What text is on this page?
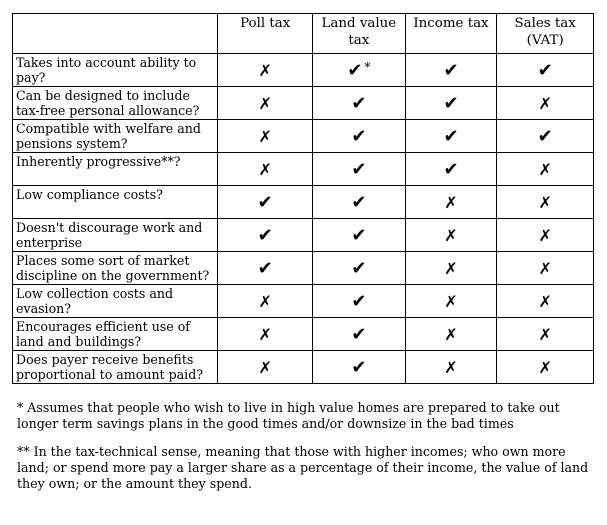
	Poll tax	Land value tax	Income tax	Sales tax (VAT)
Takes into account ability to pay?	✗	✔ *	✔	✔
Can be designed to include tax-free personal allowance?	✗	✔	✔	✗
Compatible with welfare and pensions system?	✗	✔	✔	✔
Inherently progressive**?	✗	✔	✔	✗
Low compliance costs?	✔	✔	✗	✗
Doesn't discourage work and enterprise	✔	✔	✗	✗
Places some sort of market discipline on the government?	✔	✔	✗	✗
Low collection costs and evasion?	✗	✔	✗	✗
Encourages efficient use of land and buildings?	✗	✔	✗	✗
Does payer receive benefits proportional to amount paid?	✗	✔	✗	✗

* Assumes that people who wish to live in high value homes are prepared to take out longer term savings plans in the good times and/or downsize in the bad times

** In the tax-technical sense, meaning that those with higher incomes; who own more land; or spend more pay a larger share as a percentage of their income, the value of land they own; or the amount they spend.
